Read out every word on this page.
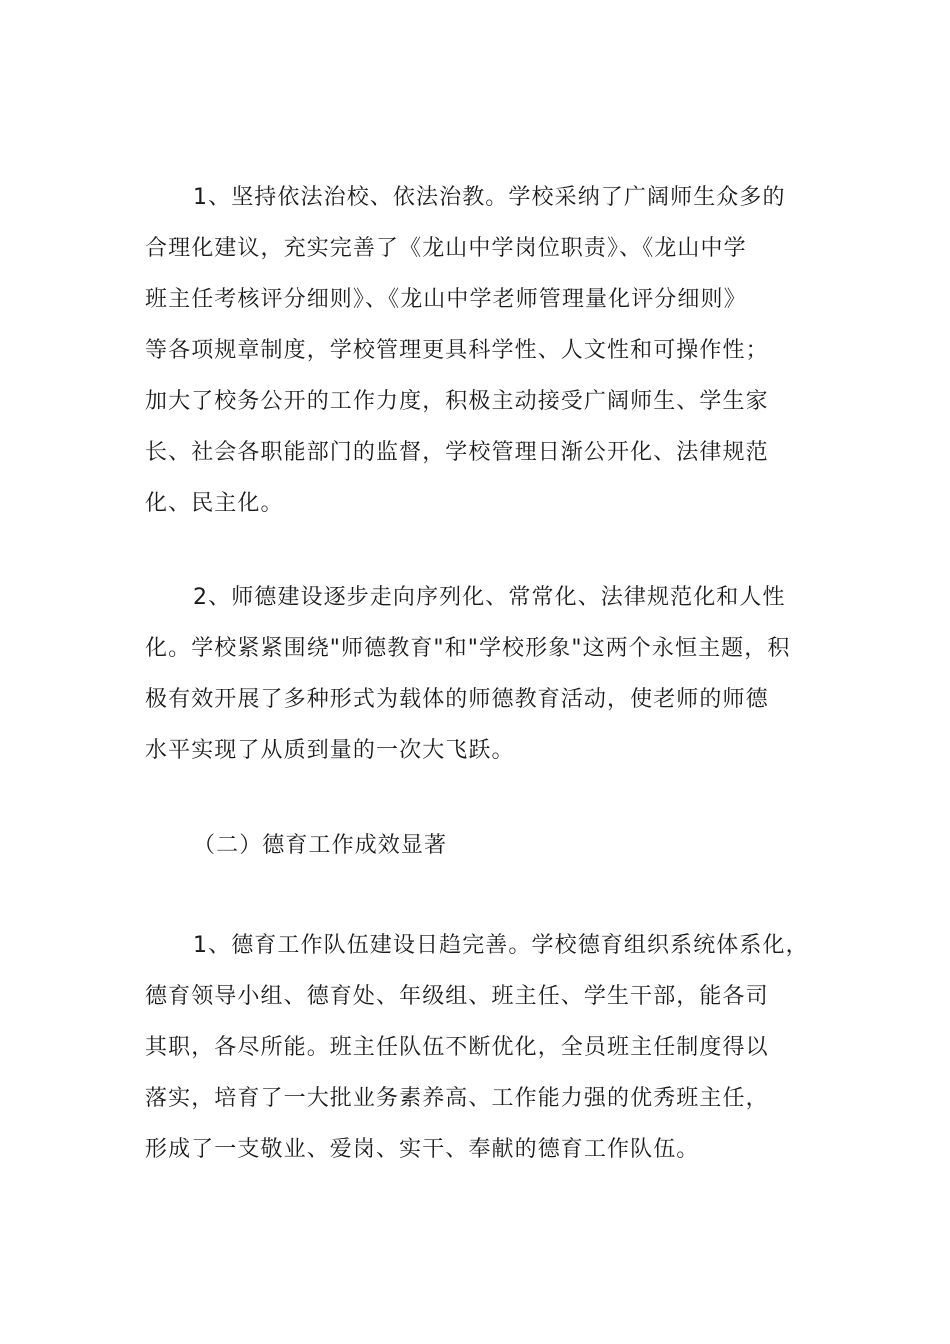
1、坚持依法治校、依法治教。学校采纳了广阔师生众多的
合理化建议，充实完善了《龙山中学岗位职责》、《龙山中学
班主任考核评分细则》、《龙山中学老师管理量化评分细则》
等各项规章制度，学校管理更具科学性、人文性和可操作性；
加大了校务公开的工作力度，积极主动接受广阔师生、学生家
长、社会各职能部门的监督，学校管理日渐公开化、法律规范
化、民主化。
2、师德建设逐步走向序列化、常常化、法律规范化和人性
化。学校紧紧围绕"师德教育"和"学校形象"这两个永恒主题，积
极有效开展了多种形式为载体的师德教育活动，使老师的师德
水平实现了从质到量的一次大飞跃。
（二）德育工作成效显著
1、德育工作队伍建设日趋完善。学校德育组织系统体系化，
德育领导小组、德育处、年级组、班主任、学生干部，能各司
其职，各尽所能。班主任队伍不断优化，全员班主任制度得以
落实，培育了一大批业务素养高、工作能力强的优秀班主任，
形成了一支敬业、爱岗、实干、奉献的德育工作队伍。
